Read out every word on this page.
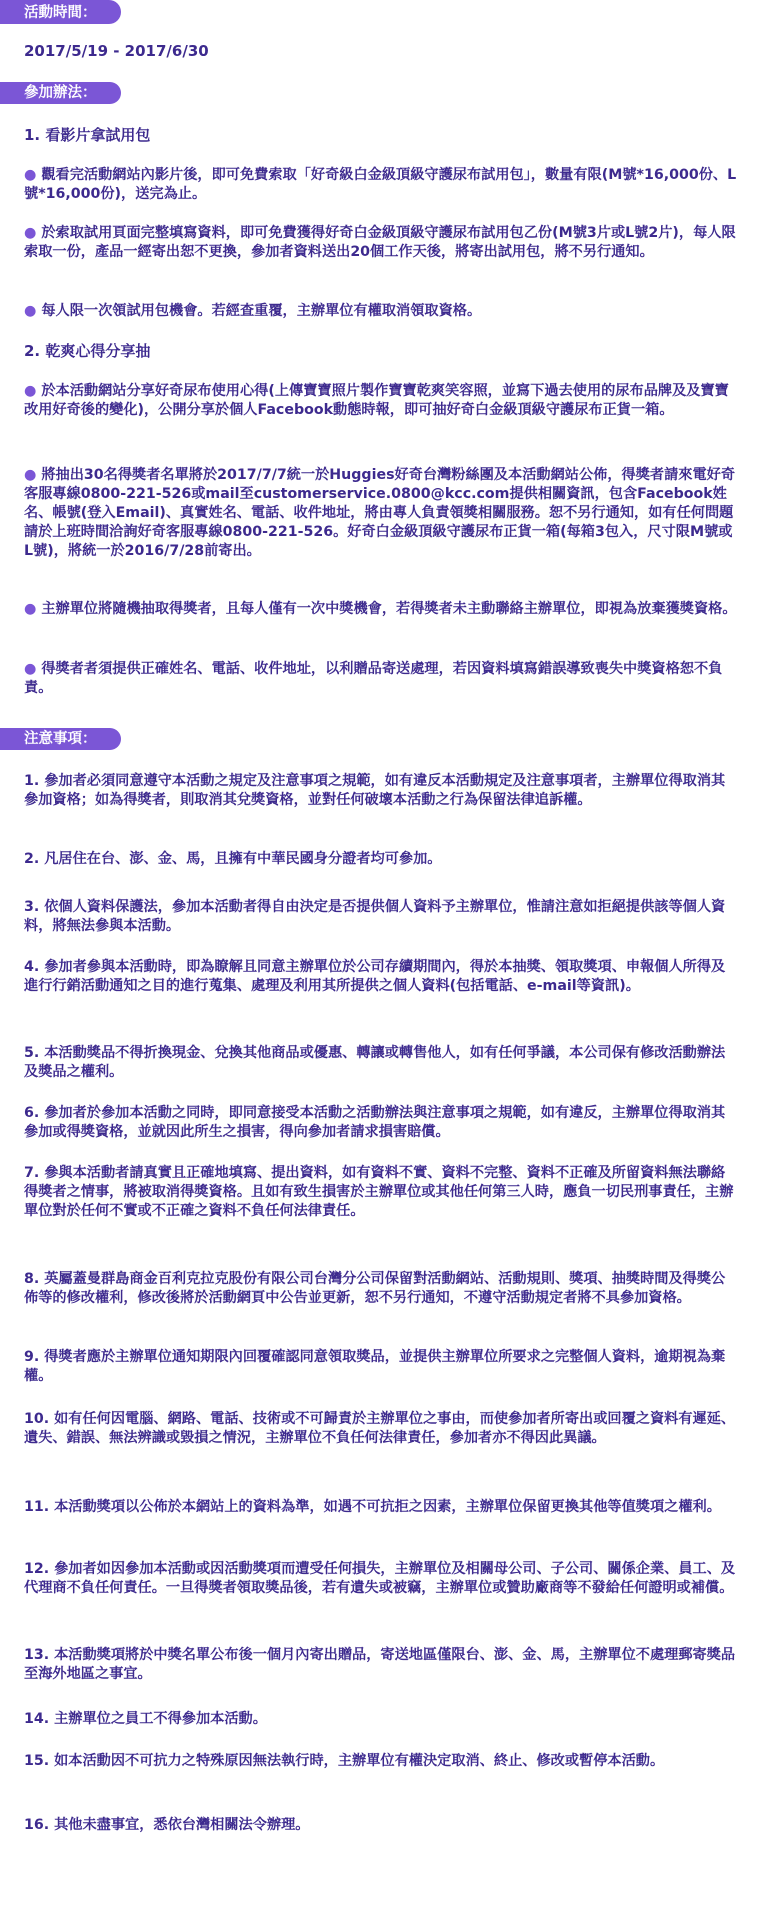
活動時間：
2017/5/19 - 2017/6/30
參加辦法：
1. 看影片拿試用包
● 觀看完活動網站內影片後，即可免費索取「好奇級白金級頂級守護尿布試用包」，數量有限(M號*16,000份、L號*16,000份)，送完為止。
● 於索取試用頁面完整填寫資料，即可免費獲得好奇白金級頂級守護尿布試用包乙份(M號3片或L號2片)，每人限索取一份，產品一經寄出恕不更換，參加者資料送出20個工作天後，將寄出試用包，將不另行通知。
● 每人限一次領試用包機會。若經查重覆，主辦單位有權取消領取資格。
2. 乾爽心得分享抽
● 於本活動網站分享好奇尿布使用心得(上傳寶寶照片製作寶寶乾爽笑容照，並寫下過去使用的尿布品牌及及寶寶改用好奇後的變化)，公開分享於個人Facebook動態時報，即可抽好奇白金級頂級守護尿布正貨一箱。
● 將抽出30名得獎者名單將於2017/7/7統一於Huggies好奇台灣粉絲團及本活動網站公佈，得獎者請來電好奇客服專線0800-221-526或mail至customerservice.0800@kcc.com提供相關資訊，包含Facebook姓名、帳號(登入Email)、真實姓名、電話、收件地址，將由專人負責領獎相關服務。恕不另行通知，如有任何問題請於上班時間洽詢好奇客服專線0800-221-526。好奇白金級頂級守護尿布正貨一箱(每箱3包入，尺寸限M號或L號)，將統一於2016/7/28前寄出。
● 主辦單位將隨機抽取得獎者，且每人僅有一次中獎機會，若得獎者未主動聯絡主辦單位，即視為放棄獲獎資格。
● 得獎者者須提供正確姓名、電話、收件地址，以利贈品寄送處理，若因資料填寫錯誤導致喪失中獎資格恕不負責。
注意事項：
1. 參加者必須同意遵守本活動之規定及注意事項之規範，如有違反本活動規定及注意事項者，主辦單位得取消其參加資格；如為得獎者，則取消其兌獎資格，並對任何破壞本活動之行為保留法律追訴權。
2. 凡居住在台、澎、金、馬，且擁有中華民國身分證者均可參加。
3. 依個人資料保護法，參加本活動者得自由決定是否提供個人資料予主辦單位，惟請注意如拒絕提供該等個人資料，將無法參與本活動。
4. 參加者參與本活動時，即為瞭解且同意主辦單位於公司存續期間內，得於本抽獎、領取獎項、申報個人所得及進行行銷活動通知之目的進行蒐集、處理及利用其所提供之個人資料(包括電話、e-mail等資訊)。
5. 本活動獎品不得折換現金、兌換其他商品或優惠、轉讓或轉售他人，如有任何爭議，本公司保有修改活動辦法及獎品之權利。
6. 參加者於參加本活動之同時，即同意接受本活動之活動辦法與注意事項之規範，如有違反，主辦單位得取消其參加或得獎資格，並就因此所生之損害，得向參加者請求損害賠償。
7. 參與本活動者請真實且正確地填寫、提出資料，如有資料不實、資料不完整、資料不正確及所留資料無法聯絡得獎者之情事，將被取消得獎資格。且如有致生損害於主辦單位或其他任何第三人時，應負一切民刑事責任，主辦單位對於任何不實或不正確之資料不負任何法律責任。
8. 英屬蓋曼群島商金百利克拉克股份有限公司台灣分公司保留對活動網站、活動規則、獎項、抽獎時間及得獎公佈等的修改權利，修改後將於活動網頁中公告並更新，恕不另行通知，不遵守活動規定者將不具參加資格。
9. 得獎者應於主辦單位通知期限內回覆確認同意領取獎品，並提供主辦單位所要求之完整個人資料，逾期視為棄權。
10. 如有任何因電腦、網路、電話、技術或不可歸責於主辦單位之事由，而使參加者所寄出或回覆之資料有遲延、遺失、錯誤、無法辨識或毀損之情況，主辦單位不負任何法律責任，參加者亦不得因此異議。
11. 本活動獎項以公佈於本網站上的資料為準，如遇不可抗拒之因素，主辦單位保留更換其他等值獎項之權利。
12. 參加者如因參加本活動或因活動獎項而遭受任何損失，主辦單位及相關母公司、子公司、關係企業、員工、及代理商不負任何責任。一旦得獎者領取獎品後，若有遺失或被竊，主辦單位或贊助廠商等不發給任何證明或補償。
13. 本活動獎項將於中獎名單公布後一個月內寄出贈品，寄送地區僅限台、澎、金、馬，主辦單位不處理郵寄獎品至海外地區之事宜。
14. 主辦單位之員工不得參加本活動。
15. 如本活動因不可抗力之特殊原因無法執行時，主辦單位有權決定取消、終止、修改或暫停本活動。
16. 其他未盡事宜，悉依台灣相關法令辦理。
